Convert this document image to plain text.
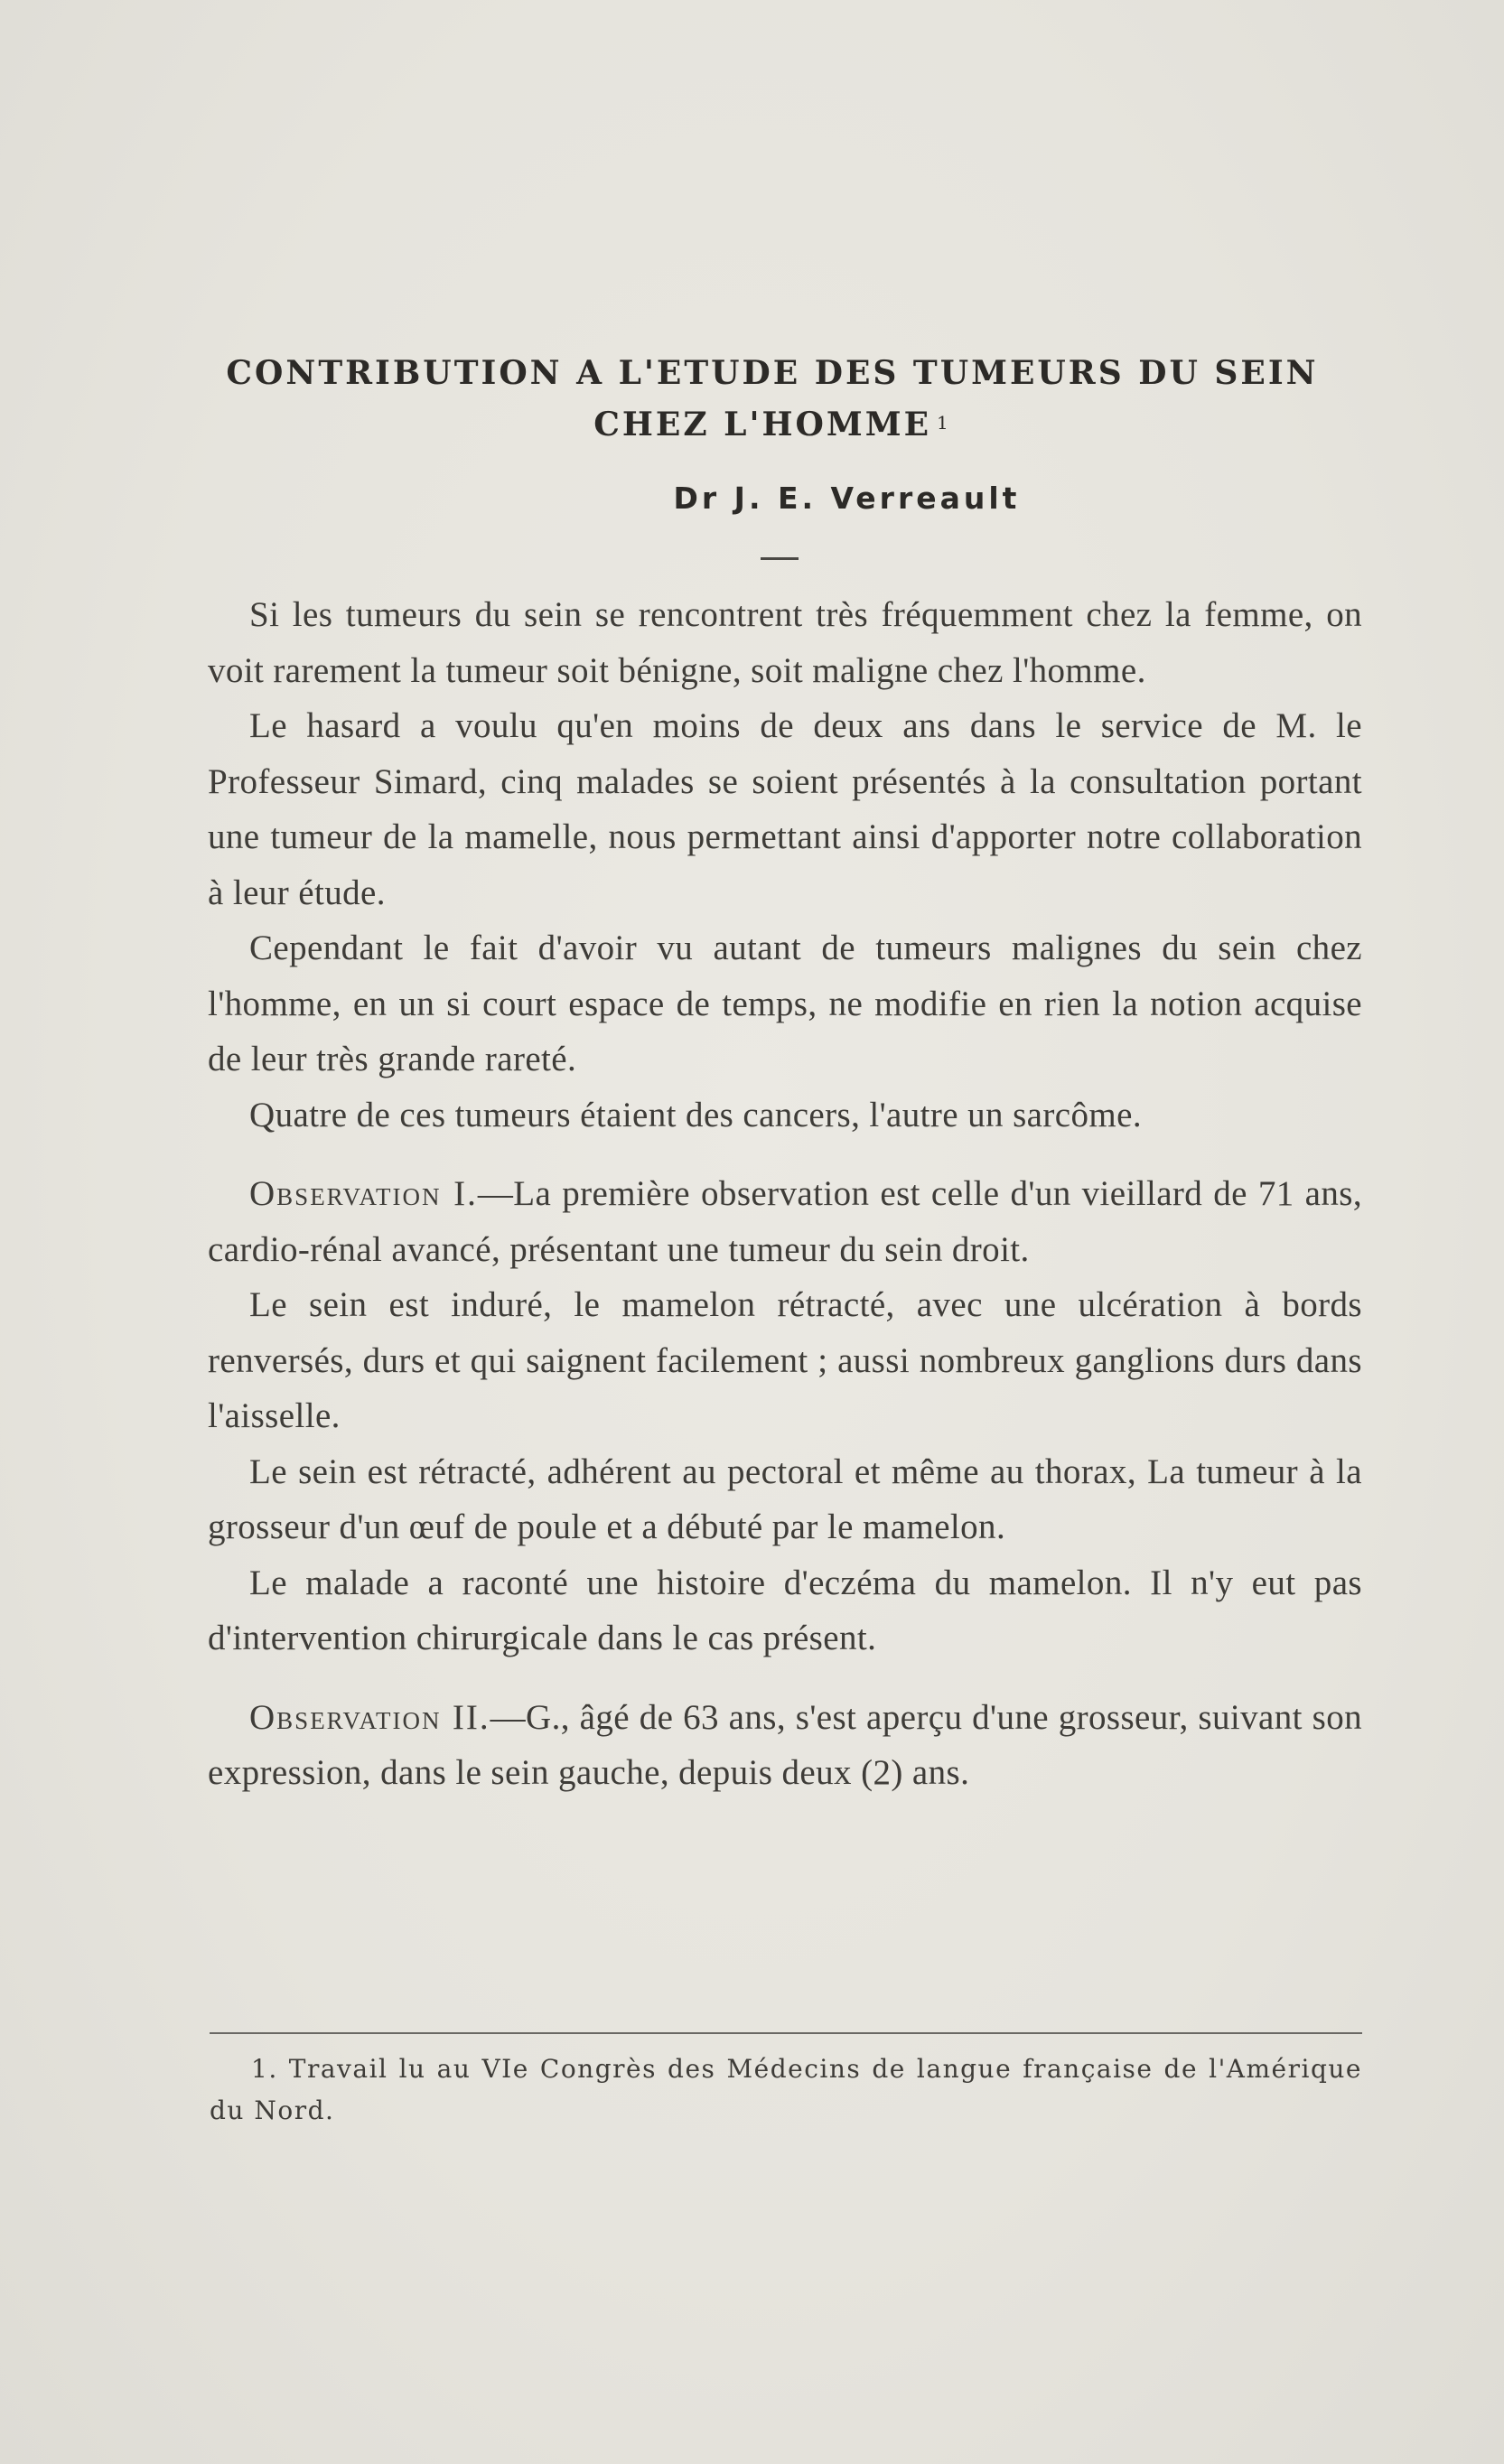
CONTRIBUTION A L'ETUDE DES TUMEURS DU SEIN
CHEZ L'HOMME $^1$
Dr J. E. Verreault

Si les tumeurs du sein se rencontrent très fréquemment chez la femme, on voit rarement la tumeur soit bénigne, soit maligne chez l'homme.

Le hasard a voulu qu'en moins de deux ans dans le service de M. le Professeur Simard, cinq malades se soient présentés à la consultation portant une tumeur de la mamelle, nous permettant ainsi d'apporter notre collaboration à leur étude.

Cependant le fait d'avoir vu autant de tumeurs malignes du sein chez l'homme, en un si court espace de temps, ne modifie en rien la notion acquise de leur très grande rareté.

Quatre de ces tumeurs étaient des cancers, l'autre un sarcôme.

Observation I.—La première observation est celle d'un vieillard de 71 ans, cardio-rénal avancé, présentant une tumeur du sein droit.

Le sein est induré, le mamelon rétracté, avec une ulcération à bords renversés, durs et qui saignent facilement ; aussi nombreux ganglions durs dans l'aisselle.

Le sein est rétracté, adhérent au pectoral et même au thorax, La tumeur à la grosseur d'un œuf de poule et a débuté par le mamelon.

Le malade a raconté une histoire d'eczéma du mamelon. Il n'y eut pas d'intervention chirurgicale dans le cas présent.

Observation II.—G., âgé de 63 ans, s'est aperçu d'une grosseur, suivant son expression, dans le sein gauche, depuis deux (2) ans.

1. Travail lu au VIe Congrès des Médecins de langue française de l'Amérique du Nord.
